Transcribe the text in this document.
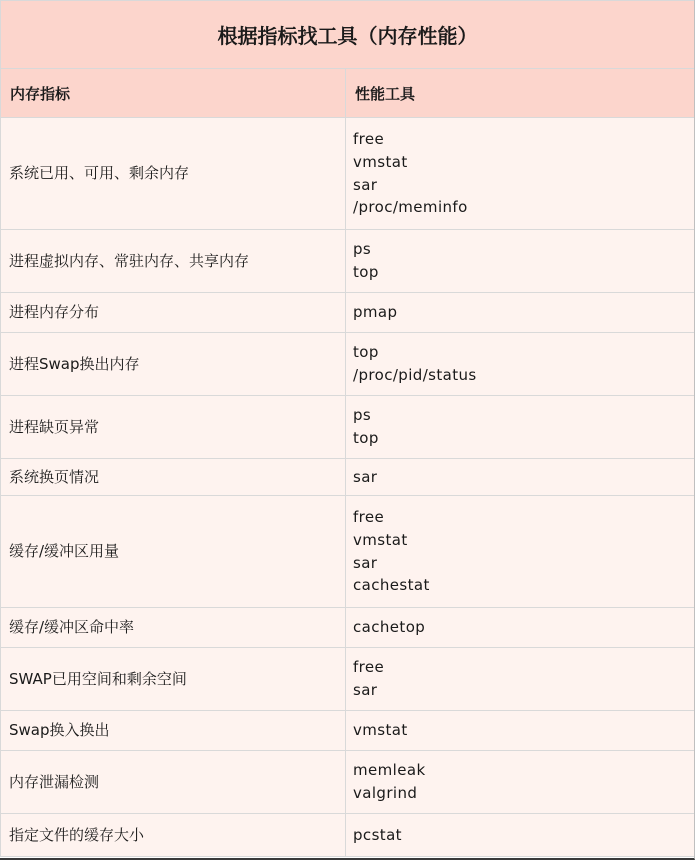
根据指标找工具（内存性能）	
内存指标	性能工具
系统已用、可用、剩余内存	free
vmstat
sar
/proc/meminfo

进程虚拟内存、常驻内存、共享内存	ps
top

进程内存分布	pmap

进程Swap换出内存	top
/proc/pid/status

进程缺页异常	ps
top

系统换页情况	sar

缓存/缓冲区用量	free
vmstat
sar
cachestat

缓存/缓冲区命中率	cachetop

SWAP已用空间和剩余空间	free
sar

Swap换入换出	vmstat

内存泄漏检测	memleak
valgrind

指定文件的缓存大小	pcstat
